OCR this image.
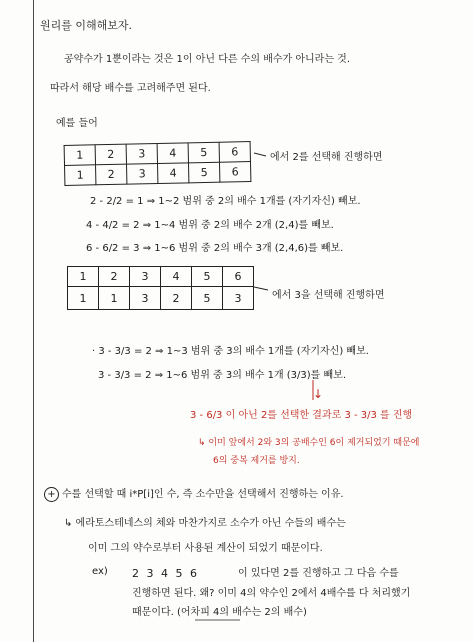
원리를 이해해보자.
공약수가 1뿐이라는 것은 1이 아닌 다른 수의 배수가 아니라는 것.
따라서 해당 배수를 고려해주면 된다.
예를 들어
1	2	3	4	5	6
1	2	3	4	5	6
에서 2를 선택해 진행하면
2 - 2/2 = 1 ⇒ 1~2 범위 중 2의 배수 1개를 (자기자신) 빼보.
4 - 4/2 = 2 ⇒ 1~4 범위 중 2의 배수 2개 (2,4)를 빼보.
6 - 6/2 = 3 ⇒ 1~6 범위 중 2의 배수 3개 (2,4,6)를 빼보.
1	2	3	4	5	6
1	1	3	2	5	3	에서 3을 선택해 진행하면
· 3 - 3/3 = 2 ⇒ 1~3 범위 중 3의 배수 1개를 (자기자신) 빼보.
3 - 3/3 = 2 ⇒ 1~6 범위 중 3의 배수 1개 (3/3)를 빼보.
↓
3 - 6/3 이 아닌 2를 선택한 결과로 3 - 3/3 를 진행
↳ 이미 앞에서 2와 3의 공배수인 6이 제거되었기 때문에
6의 중복 제거를 방지.
+ 수를 선택할 때 i*P[i]인 수, 즉 소수만을 선택해서 진행하는 이유.
↳ 에라토스테네스의 체와 마찬가지로 소수가 아닌 수들의 배수는
이미 그의 약수로부터 사용된 계산이 되었기 때문이다.
ex) 2 3 4 5 6	이 있다면 2를 진행하고 그 다음 수를
진행하면 된다. 왜? 이미 4의 약수인 2에서 4배수를 다 처리했기
때문이다. (어차피 4의 배수는 2의 배수)
